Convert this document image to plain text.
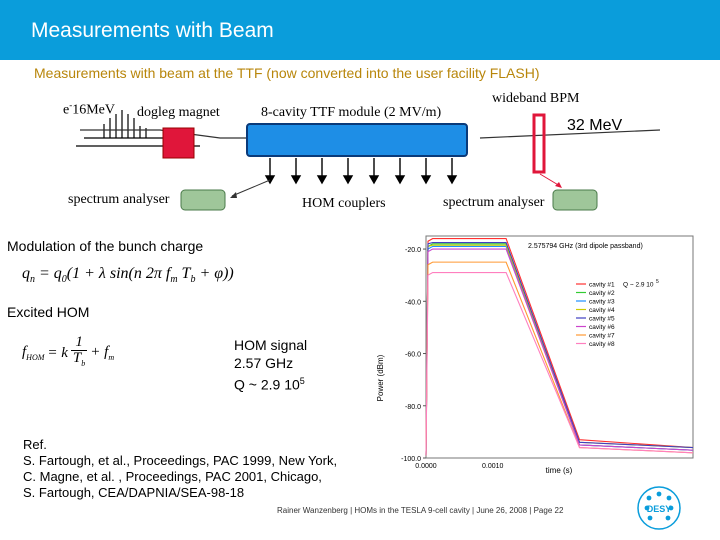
Measurements with Beam
Measurements with beam at the TTF (now converted into the user facility FLASH)
e-16MeV dogleg magnet	8-cavity TTF module (2 MV/m)
wideband BPM
32 MeV
spectrum analyser	HOM couplers	spectrum analyser
Modulation of the bunch charge
$q_n = q_0(1 + \lambda$ sin(n 2π $f_m$ $T_b + \varphi$))
Excited HOM
$f_{HOM} = k$
1
$T_b$
+ $f_m$
HOM signal
2.57 GHz
Q ~ 2.9 $10^5$
Ref.
S. Fartough, et al., Proceedings, PAC 1999, New York,
C. Magne, et al. , Proceedings, PAC 2001, Chicago,
S. Fartough, CEA/DAPNIA/SEA-98-18
Power (dBm)
time (s)
2.575794 GHz (3rd dipole passband)
-20.0
-40.0
-60.0
-80.0
-100.0
0.0000	0.0010
cavity #1
cavity #2
cavity #3
cavity #4
cavity #5
cavity #6
cavity #7
cavity #8
Q ~ 2.9 10 5
Rainer Wanzenberg | HOMs in the TESLA 9-cell cavity | June 26, 2008 | Page 22	DESY
